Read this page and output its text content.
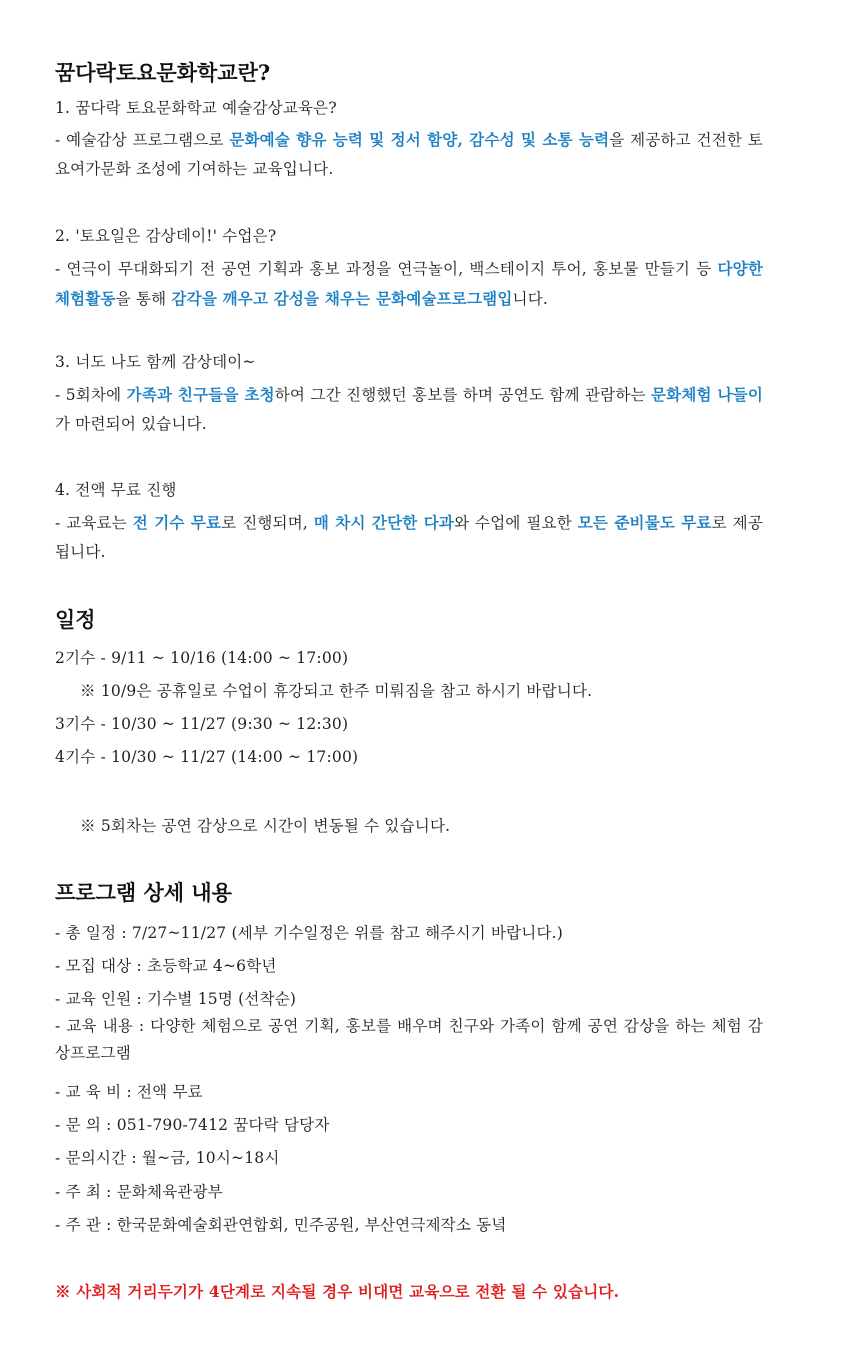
꿈다락토요문화학교란?
1. 꿈다락 토요문화학교 예술감상교육은?
- 예술감상 프로그램으로 문화예술 향유 능력 및 정서 함양, 감수성 및 소통 능력을 제공하고 건전한 토요여가문화 조성에 기여하는 교육입니다.
2. '토요일은 감상데이!' 수업은?
- 연극이 무대화되기 전 공연 기획과 홍보 과정을 연극놀이, 백스테이지 투어, 홍보물 만들기 등 다양한 체험활동을 통해 감각을 깨우고 감성을 채우는 문화예술프로그램입니다.
3. 너도 나도 함께 감상데이~
- 5회차에 가족과 친구들을 초청하여 그간 진행했던 홍보를 하며 공연도 함께 관람하는 문화체험 나들이가 마련되어 있습니다.
4. 전액 무료 진행
- 교육료는 전 기수 무료로 진행되며, 매 차시 간단한 다과와 수업에 필요한 모든 준비물도 무료로 제공됩니다.
일정
2기수 - 9/11 ~ 10/16 (14:00 ~ 17:00)
※ 10/9은 공휴일로 수업이 휴강되고 한주 미뤄짐을 참고 하시기 바랍니다.
3기수 - 10/30 ~ 11/27 (9:30 ~ 12:30)
4기수 - 10/30 ~ 11/27 (14:00 ~ 17:00)
※ 5회차는 공연 감상으로 시간이 변동될 수 있습니다.
프로그램 상세 내용
- 총 일정 : 7/27~11/27 (세부 기수일정은 위를 참고 해주시기 바랍니다.)
- 모집 대상 : 초등학교 4~6학년
- 교육 인원 : 기수별 15명 (선착순)
- 교육 내용 : 다양한 체험으로 공연 기획, 홍보를 배우며 친구와 가족이 함께 공연 감상을 하는 체험 감상프로그램
- 교 육 비 : 전액 무료
- 문 의 : 051-790-7412 꿈다락 담당자
- 문의시간 : 월~금, 10시~18시
- 주 최 : 문화체육관광부
- 주 관 : 한국문화예술회관연합회, 민주공원, 부산연극제작소 동녘
※ 사회적 거리두기가 4단계로 지속될 경우 비대면 교육으로 전환 될 수 있습니다.
